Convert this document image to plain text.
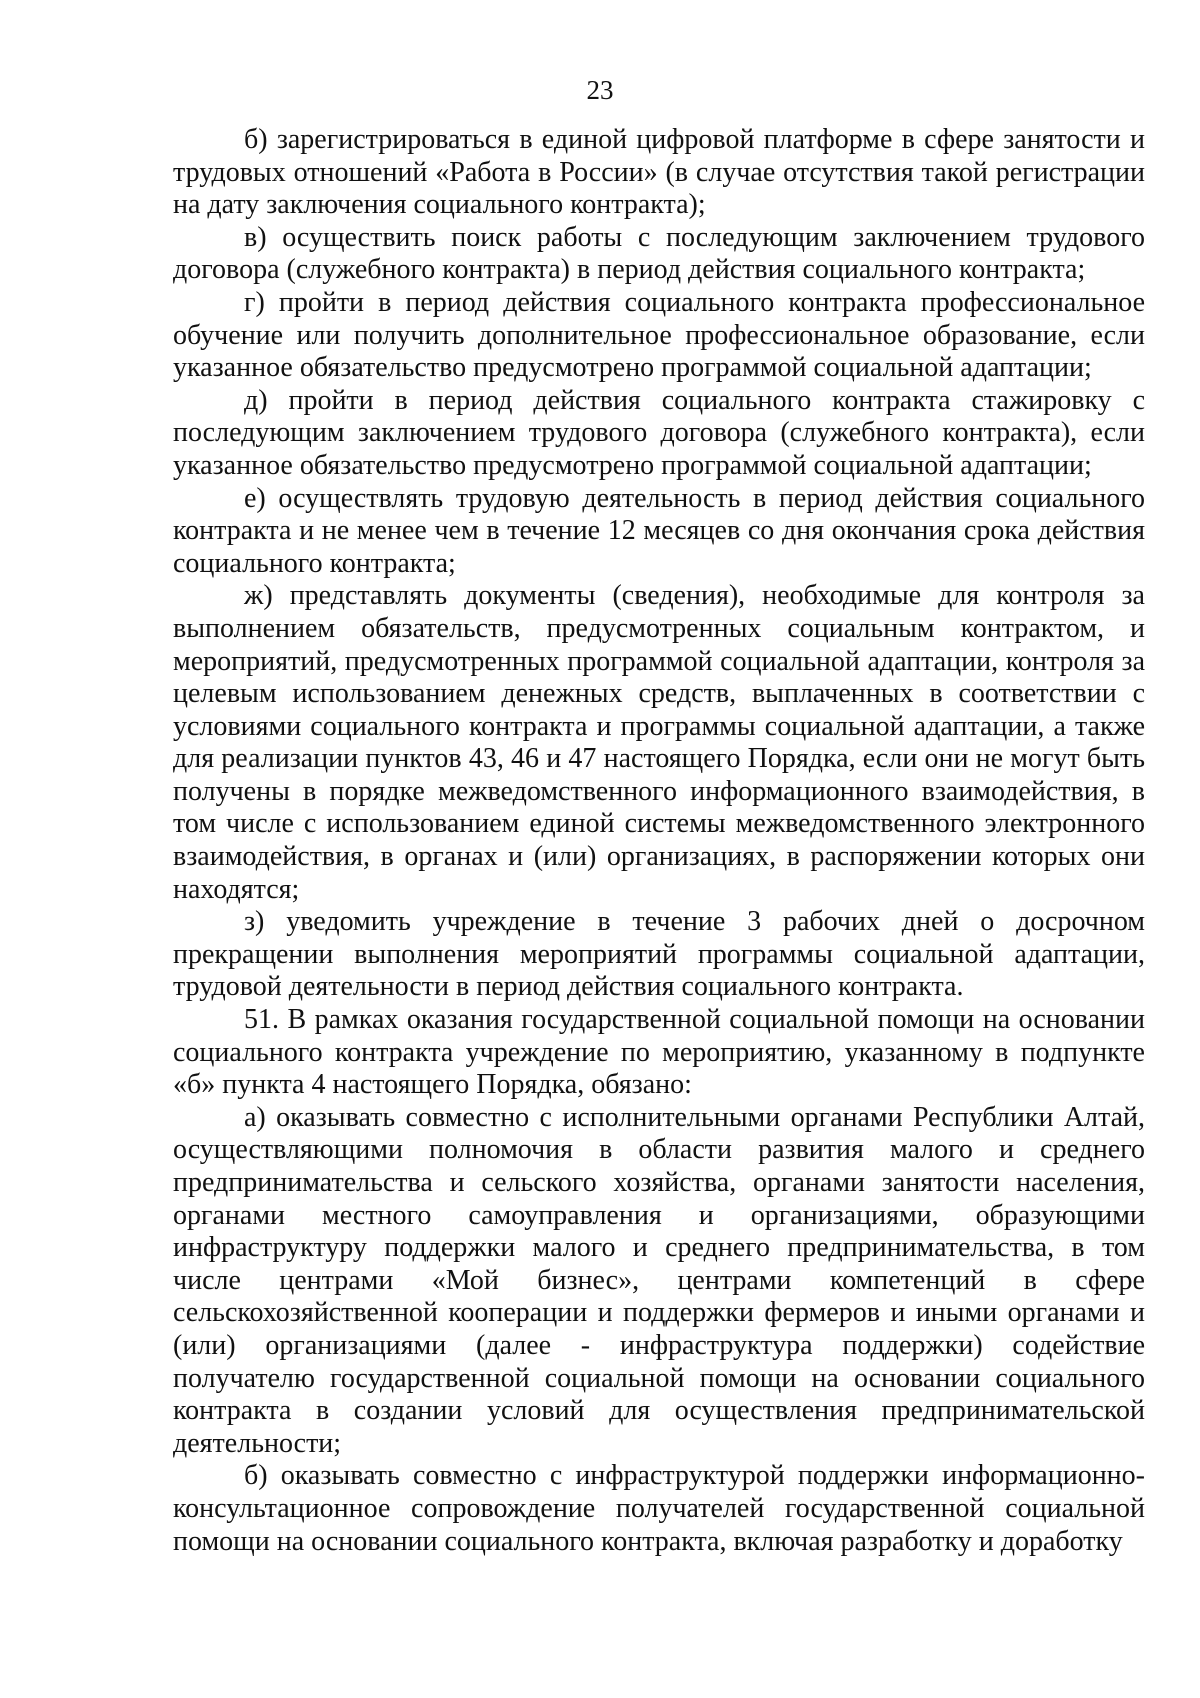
23

б) зарегистрироваться в единой цифровой платформе в сфере занятости и трудовых отношений «Работа в России» (в случае отсутствия такой регистрации на дату заключения социального контракта);

в) осуществить поиск работы с последующим заключением трудового договора (служебного контракта) в период действия социального контракта;

г) пройти в период действия социального контракта профессиональное обучение или получить дополнительное профессиональное образование, если указанное обязательство предусмотрено программой социальной адаптации;

д) пройти в период действия социального контракта стажировку с последующим заключением трудового договора (служебного контракта), если указанное обязательство предусмотрено программой социальной адаптации;

е) осуществлять трудовую деятельность в период действия социального контракта и не менее чем в течение 12 месяцев со дня окончания срока действия социального контракта;

ж) представлять документы (сведения), необходимые для контроля за выполнением обязательств, предусмотренных социальным контрактом, и мероприятий, предусмотренных программой социальной адаптации, контроля за целевым использованием денежных средств, выплаченных в соответствии с условиями социального контракта и программы социальной адаптации, а также для реализации пунктов 43, 46 и 47 настоящего Порядка, если они не могут быть получены в порядке межведомственного информационного взаимодействия, в том числе с использованием единой системы межведомственного электронного взаимодействия, в органах и (или) организациях, в распоряжении которых они находятся;

з) уведомить учреждение в течение 3 рабочих дней о досрочном прекращении выполнения мероприятий программы социальной адаптации, трудовой деятельности в период действия социального контракта.

51. В рамках оказания государственной социальной помощи на основании социального контракта учреждение по мероприятию, указанному в подпункте «б» пункта 4 настоящего Порядка, обязано:

а) оказывать совместно с исполнительными органами Республики Алтай, осуществляющими полномочия в области развития малого и среднего предпринимательства и сельского хозяйства, органами занятости населения, органами местного самоуправления и организациями, образующими инфраструктуру поддержки малого и среднего предпринимательства, в том числе центрами «Мой бизнес», центрами компетенций в сфере сельскохозяйственной кооперации и поддержки фермеров и иными органами и (или) организациями (далее - инфраструктура поддержки) содействие получателю государственной социальной помощи на основании социального контракта в создании условий для осуществления предпринимательской деятельности;

б) оказывать совместно с инфраструктурой поддержки информационно-консультационное сопровождение получателей государственной социальной помощи на основании социального контракта, включая разработку и доработку
